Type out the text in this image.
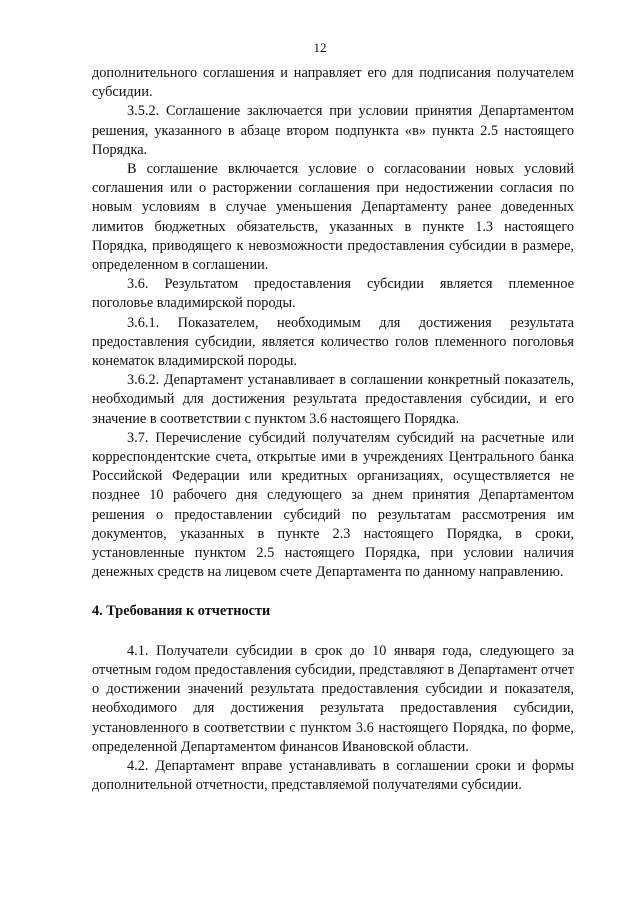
12

дополнительного соглашения и направляет его для подписания получателем субсидии.

3.5.2. Соглашение заключается при условии принятия Департаментом решения, указанного в абзаце втором подпункта «в» пункта 2.5 настоящего Порядка.

В соглашение включается условие о согласовании новых условий соглашения или о расторжении соглашения при недостижении согласия по новым условиям в случае уменьшения Департаменту ранее доведенных лимитов бюджетных обязательств, указанных в пункте 1.3 настоящего Порядка, приводящего к невозможности предоставления субсидии в размере, определенном в соглашении.

3.6. Результатом предоставления субсидии является племенное поголовье владимирской породы.

3.6.1. Показателем, необходимым для достижения результата предоставления субсидии, является количество голов племенного поголовья конематок владимирской породы.

3.6.2. Департамент устанавливает в соглашении конкретный показатель, необходимый для достижения результата предоставления субсидии, и его значение в соответствии с пунктом 3.6 настоящего Порядка.

3.7. Перечисление субсидий получателям субсидий на расчетные или корреспондентские счета, открытые ими в учреждениях Центрального банка Российской Федерации или кредитных организациях, осуществляется не позднее 10 рабочего дня следующего за днем принятия Департаментом решения о предоставлении субсидий по результатам рассмотрения им документов, указанных в пункте 2.3 настоящего Порядка, в сроки, установленные пунктом 2.5 настоящего Порядка, при условии наличия денежных средств на лицевом счете Департамента по данному направлению.

4. Требования к отчетности

4.1. Получатели субсидии в срок до 10 января года, следующего за отчетным годом предоставления субсидии, представляют в Департамент отчет о достижении значений результата предоставления субсидии и показателя, необходимого для достижения результата предоставления субсидии, установленного в соответствии с пунктом 3.6 настоящего Порядка, по форме, определенной Департаментом финансов Ивановской области.

4.2. Департамент вправе устанавливать в соглашении сроки и формы дополнительной отчетности, представляемой получателями субсидии.
